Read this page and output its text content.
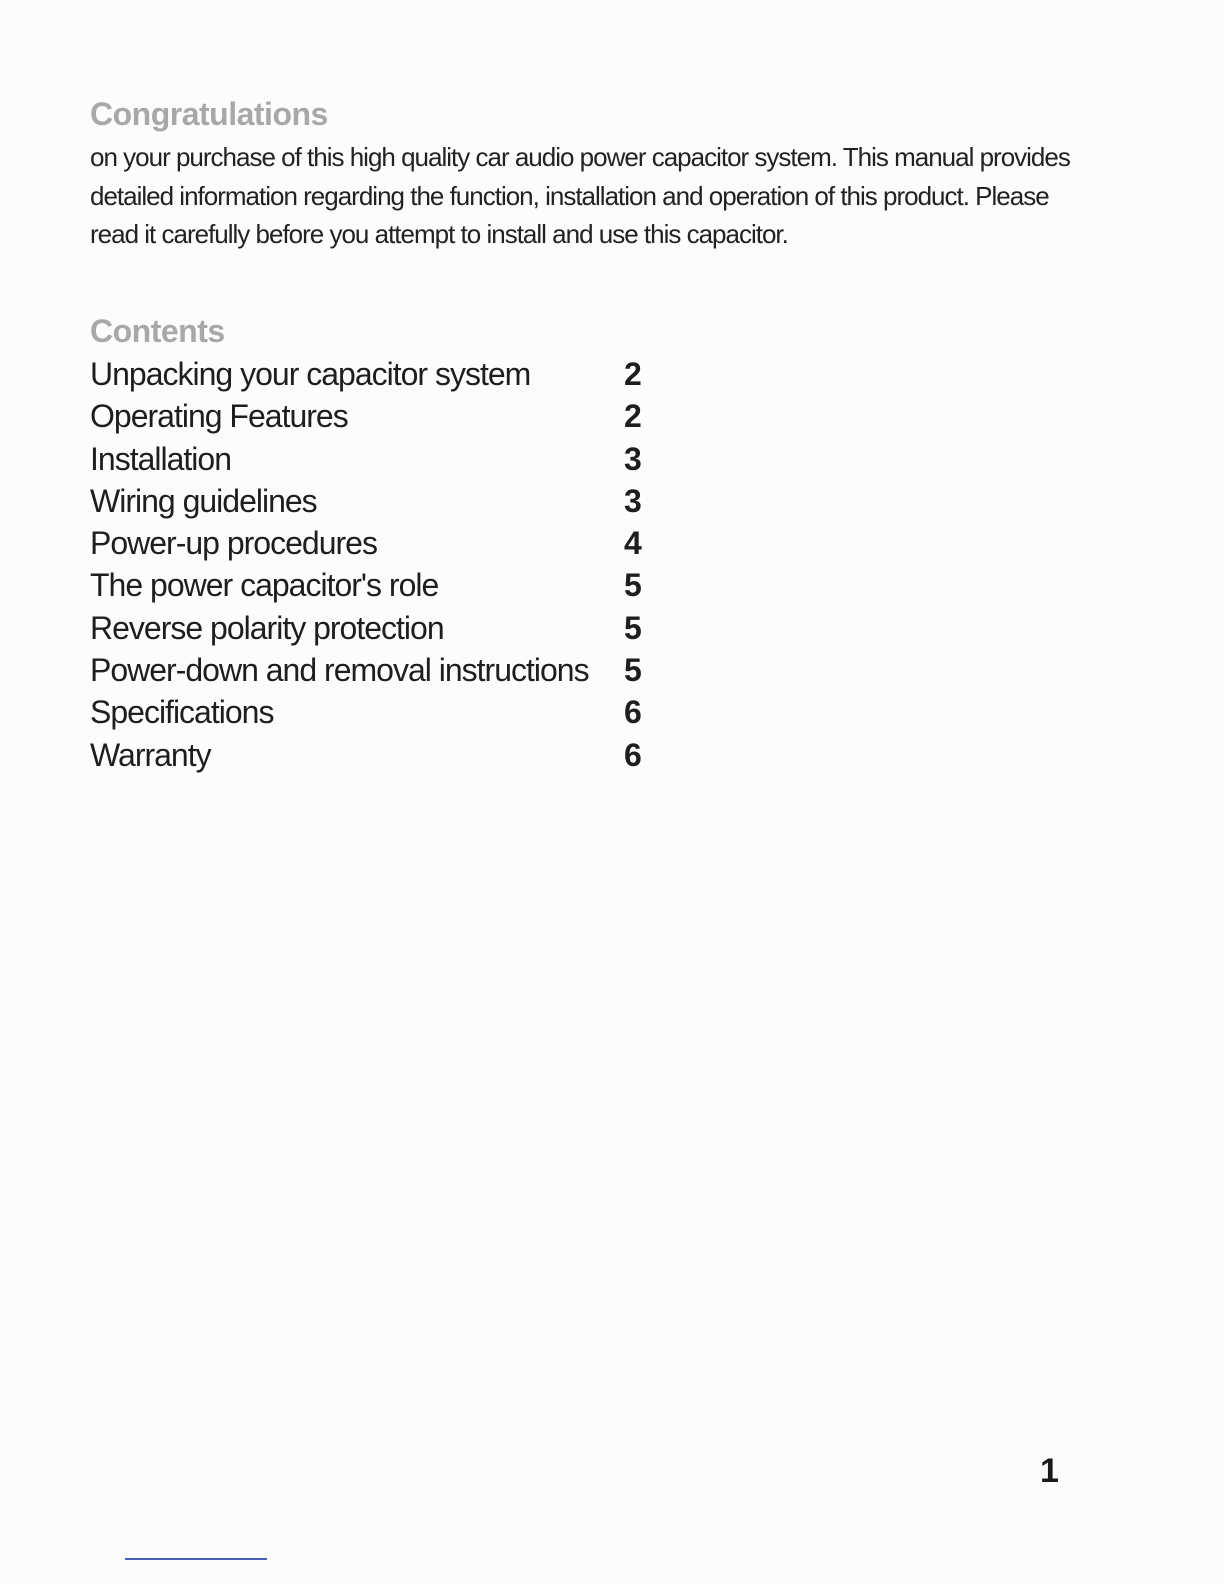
Congratulations

on your purchase of this high quality car audio power capacitor system. This manual provides detailed information regarding the function, installation and operation of this product. Please read it carefully before you attempt to install and use this capacitor.

Contents
Unpacking your capacitor system	2
Operating Features	2
Installation	3
Wiring guidelines	3
Power-up procedures	4
The power capacitor's role	5
Reverse polarity protection	5
Power-down and removal instructions 5
Specifications	6
Warranty	6
1
